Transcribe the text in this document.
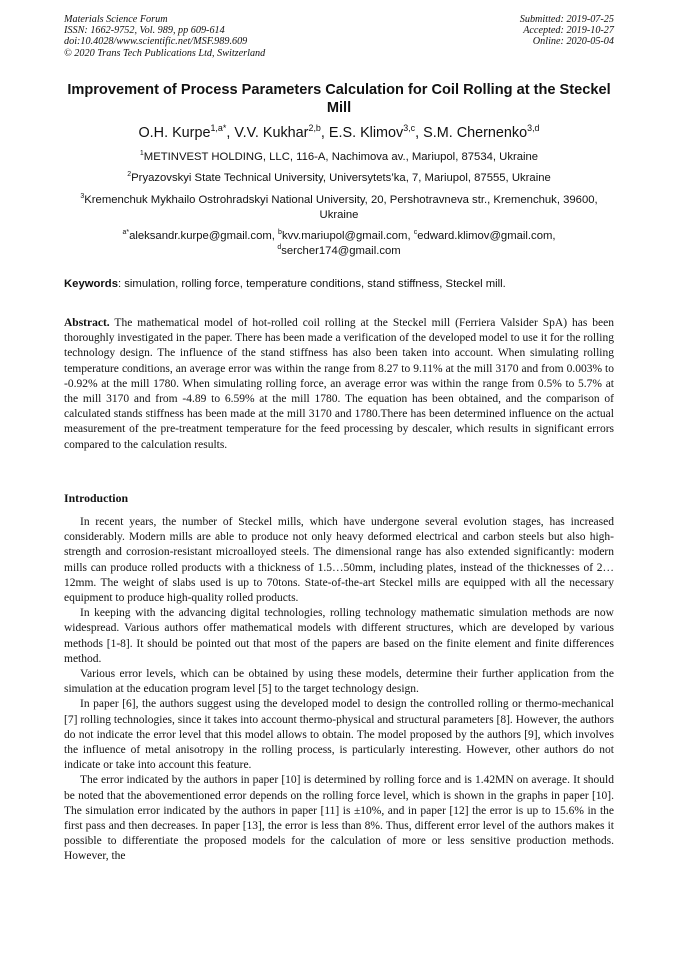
Materials Science Forum
ISSN: 1662-9752, Vol. 989, pp 609-614
doi:10.4028/www.scientific.net/MSF.989.609
© 2020 Trans Tech Publications Ltd, Switzerland
Submitted: 2019-07-25
Accepted: 2019-10-27
Online: 2020-05-04
Improvement of Process Parameters Calculation for Coil Rolling at the Steckel Mill
O.H. Kurpe$^{1,a*}$, V.V. Kukhar$^{2,b}$, E.S. Klimov$^{3,c}$, S.M. Chernenko$^{3,d}$
$^1$METINVEST HOLDING, LLC, 116-A, Nachimova av., Mariupol, 87534, Ukraine
$^2$Pryazovskyi State Technical University, Universytets’ka, 7, Mariupol, 87555, Ukraine
$^3$Kremenchuk Mykhailo Ostrohradskyi National University, 20, Pershotravneva str., Kremenchuk, 39600, Ukraine
$^{a*}$aleksandr.kurpe@gmail.com, $^b$kvv.mariupol@gmail.com, $^c$edward.klimov@gmail.com,
$^d$sercher174@gmail.com
Keywords: simulation, rolling force, temperature conditions, stand stiffness, Steckel mill.
Abstract. The mathematical model of hot-rolled coil rolling at the Steckel mill (Ferriera Valsider SpA) has been thoroughly investigated in the paper. There has been made a verification of the developed model to use it for the rolling technology design. The influence of the stand stiffness has also been taken into account. When simulating rolling temperature conditions, an average error was within the range from 8.27 to 9.11% at the mill 3170 and from 0.003% to -0.92% at the mill 1780. When simulating rolling force, an average error was within the range from 0.5% to 5.7% at the mill 3170 and from -4.89 to 6.59% at the mill 1780. The equation has been obtained, and the comparison of calculated stands stiffness has been made at the mill 3170 and 1780.There has been determined influence on the actual measurement of the pre-treatment temperature for the feed processing by descaler, which results in significant errors compared to the calculation results.
Introduction

In recent years, the number of Steckel mills, which have undergone several evolution stages, has increased considerably. Modern mills are able to produce not only heavy deformed electrical and carbon steels but also high-strength and corrosion-resistant microalloyed steels. The dimensional range has also extended significantly: modern mills can produce rolled products with a thickness of 1.5…50mm, including plates, instead of the thicknesses of 2…12mm. The weight of slabs used is up to 70tons. State-of-the-art Steckel mills are equipped with all the necessary equipment to produce high-quality rolled products.

In keeping with the advancing digital technologies, rolling technology mathematic simulation methods are now widespread. Various authors offer mathematical models with different structures, which are developed by various methods [1-8]. It should be pointed out that most of the papers are based on the finite element and finite differences method.

Various error levels, which can be obtained by using these models, determine their further application from the simulation at the education program level [5] to the target technology design.

In paper [6], the authors suggest using the developed model to design the controlled rolling or thermo-mechanical [7] rolling technologies, since it takes into account thermo-physical and structural parameters [8]. However, the authors do not indicate the error level that this model allows to obtain. The model proposed by the authors [9], which involves the influence of metal anisotropy in the rolling process, is particularly interesting. However, other authors do not indicate or take into account this feature.

The error indicated by the authors in paper [10] is determined by rolling force and is 1.42MN on average. It should be noted that the abovementioned error depends on the rolling force level, which is shown in the graphs in paper [10]. The simulation error indicated by the authors in paper [11] is ±10%, and in paper [12] the error is up to 15.6% in the first pass and then decreases. In paper [13], the error is less than 8%. Thus, different error level of the authors makes it possible to differentiate the proposed models for the calculation of more or less sensitive production methods. However, the
